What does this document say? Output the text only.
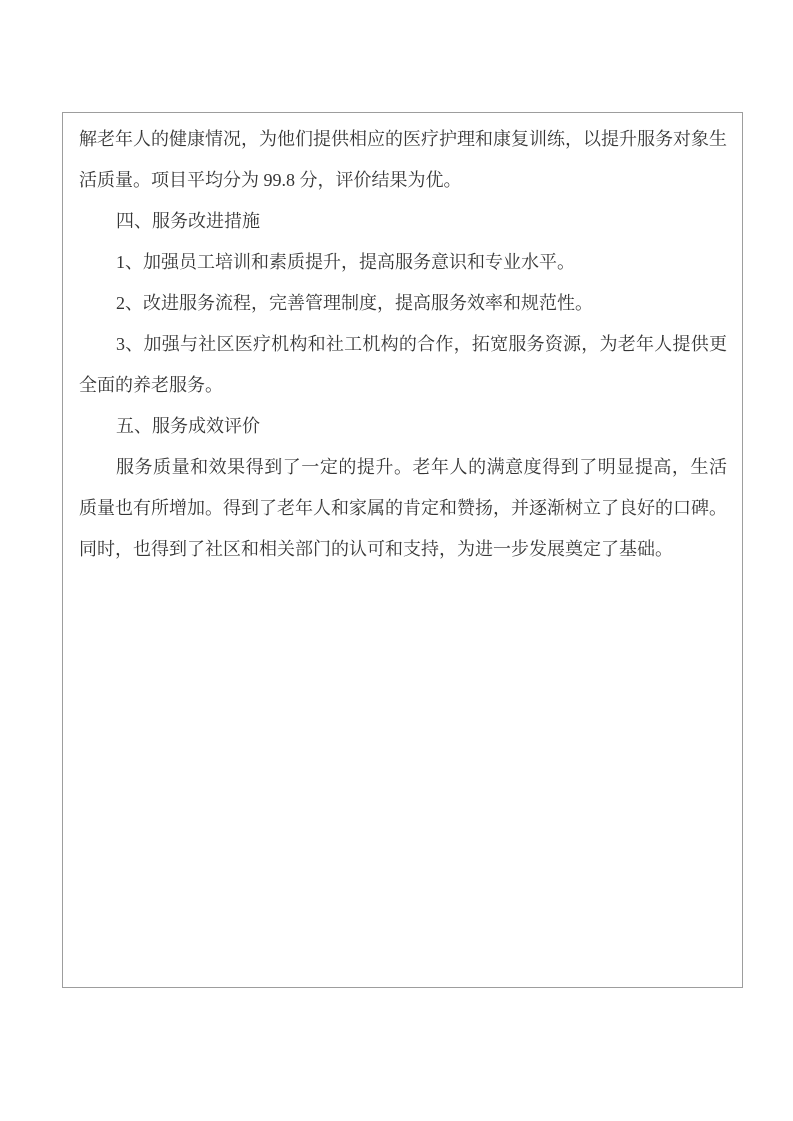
解老年人的健康情况，为他们提供相应的医疗护理和康复训练，以提升服务对象生活质量。项目平均分为 99.8 分，评价结果为优。

四、服务改进措施

1、加强员工培训和素质提升，提高服务意识和专业水平。

2、改进服务流程，完善管理制度，提高服务效率和规范性。

3、加强与社区医疗机构和社工机构的合作，拓宽服务资源，为老年人提供更全面的养老服务。

五、服务成效评价

服务质量和效果得到了一定的提升。老年人的满意度得到了明显提高，生活质量也有所增加。得到了老年人和家属的肯定和赞扬，并逐渐树立了良好的口碑。同时，也得到了社区和相关部门的认可和支持，为进一步发展奠定了基础。
